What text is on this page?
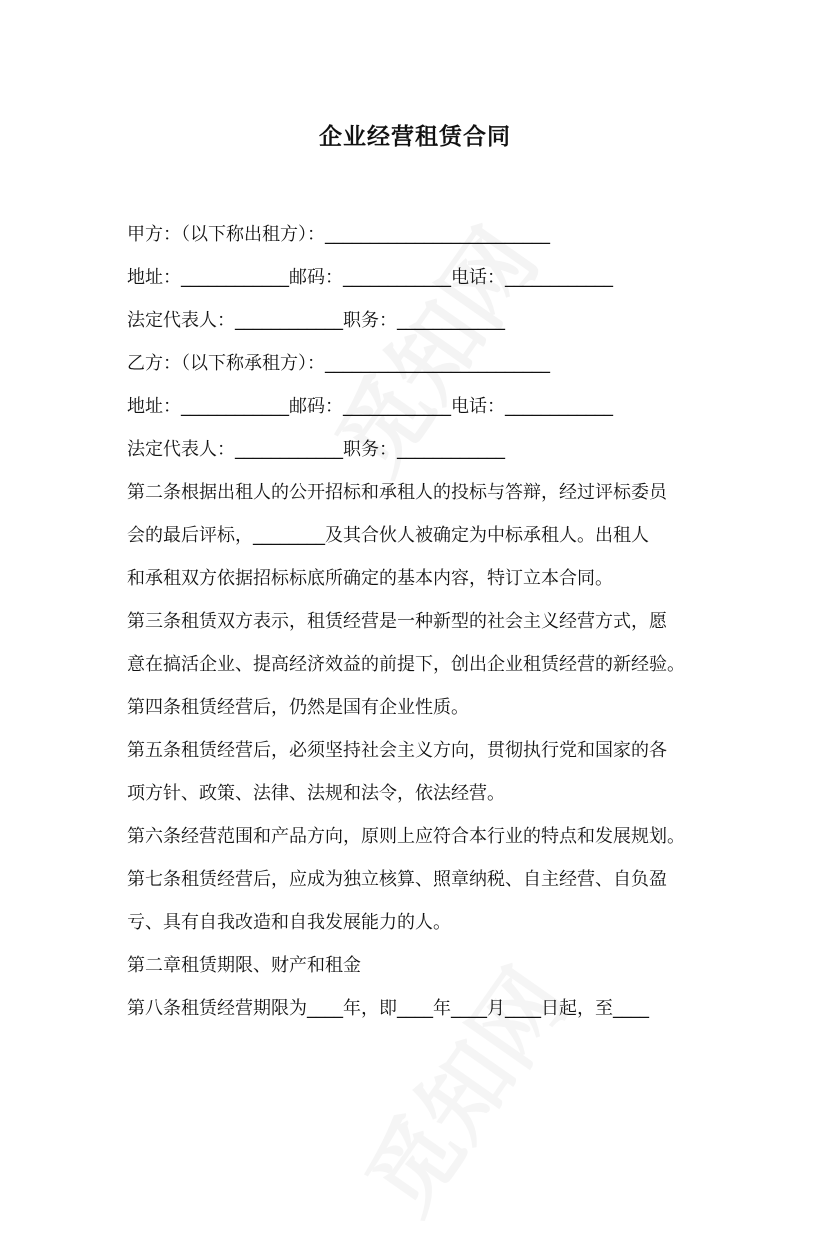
企业经营租赁合同
甲方：（以下称出租方）：_________________________
地址：____________邮码：____________电话：____________
法定代表人：____________职务：____________
乙方：（以下称承租方）：_________________________
地址：____________邮码：____________电话：____________
法定代表人：____________职务：____________
第二条根据出租人的公开招标和承租人的投标与答辩，经过评标委员
会的最后评标，________及其合伙人被确定为中标承租人。出租人
和承租双方依据招标标底所确定的基本内容，特订立本合同。
第三条租赁双方表示，租赁经营是一种新型的社会主义经营方式，愿
意在搞活企业、提高经济效益的前提下，创出企业租赁经营的新经验。
第四条租赁经营后，仍然是国有企业性质。
第五条租赁经营后，必须坚持社会主义方向，贯彻执行党和国家的各
项方针、政策、法律、法规和法令，依法经营。
第六条经营范围和产品方向，原则上应符合本行业的特点和发展规划。
第七条租赁经营后，应成为独立核算、照章纳税、自主经营、自负盈
亏、具有自我改造和自我发展能力的人。
第二章租赁期限、财产和租金
第八条租赁经营期限为____年，即____年____月____日起，至____
